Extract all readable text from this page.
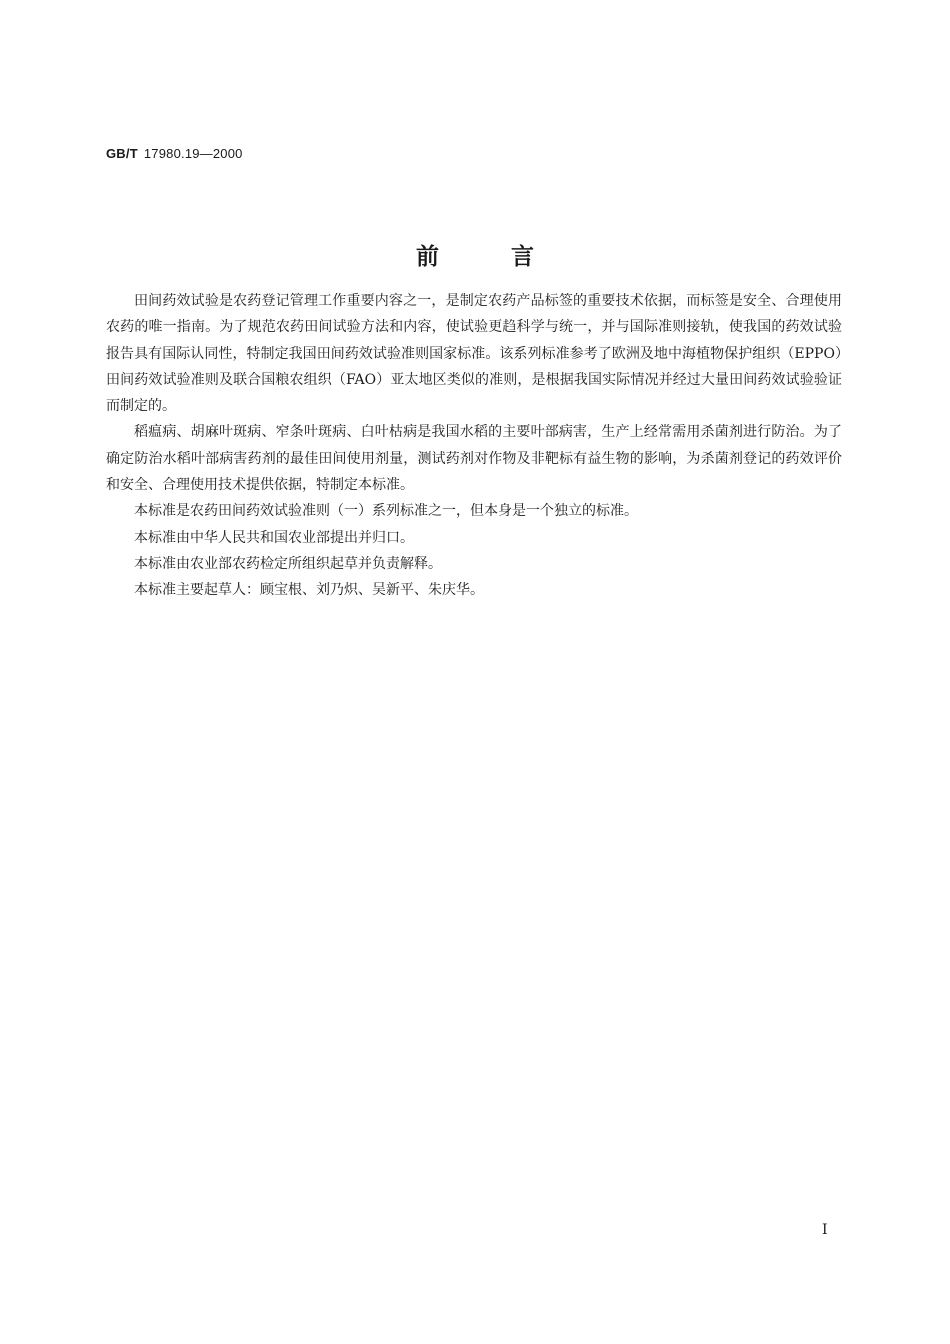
GB/T 17980.19—2000
前	言

田间药效试验是农药登记管理工作重要内容之一，是制定农药产品标签的重要技术依据，而标签是安全、合理使用农药的唯一指南。为了规范农药田间试验方法和内容，使试验更趋科学与统一，并与国际准则接轨，使我国的药效试验报告具有国际认同性，特制定我国田间药效试验准则国家标准。该系列标准参考了欧洲及地中海植物保护组织（EPPO）田间药效试验准则及联合国粮农组织（FAO）亚太地区类似的准则，是根据我国实际情况并经过大量田间药效试验验证而制定的。

稻瘟病、胡麻叶斑病、窄条叶斑病、白叶枯病是我国水稻的主要叶部病害，生产上经常需用杀菌剂进行防治。为了确定防治水稻叶部病害药剂的最佳田间使用剂量，测试药剂对作物及非靶标有益生物的影响，为杀菌剂登记的药效评价和安全、合理使用技术提供依据，特制定本标准。

本标准是农药田间药效试验准则（一）系列标准之一，但本身是一个独立的标准。

本标准由中华人民共和国农业部提出并归口。

本标准由农业部农药检定所组织起草并负责解释。

本标准主要起草人：顾宝根、刘乃炽、吴新平、朱庆华。

I
